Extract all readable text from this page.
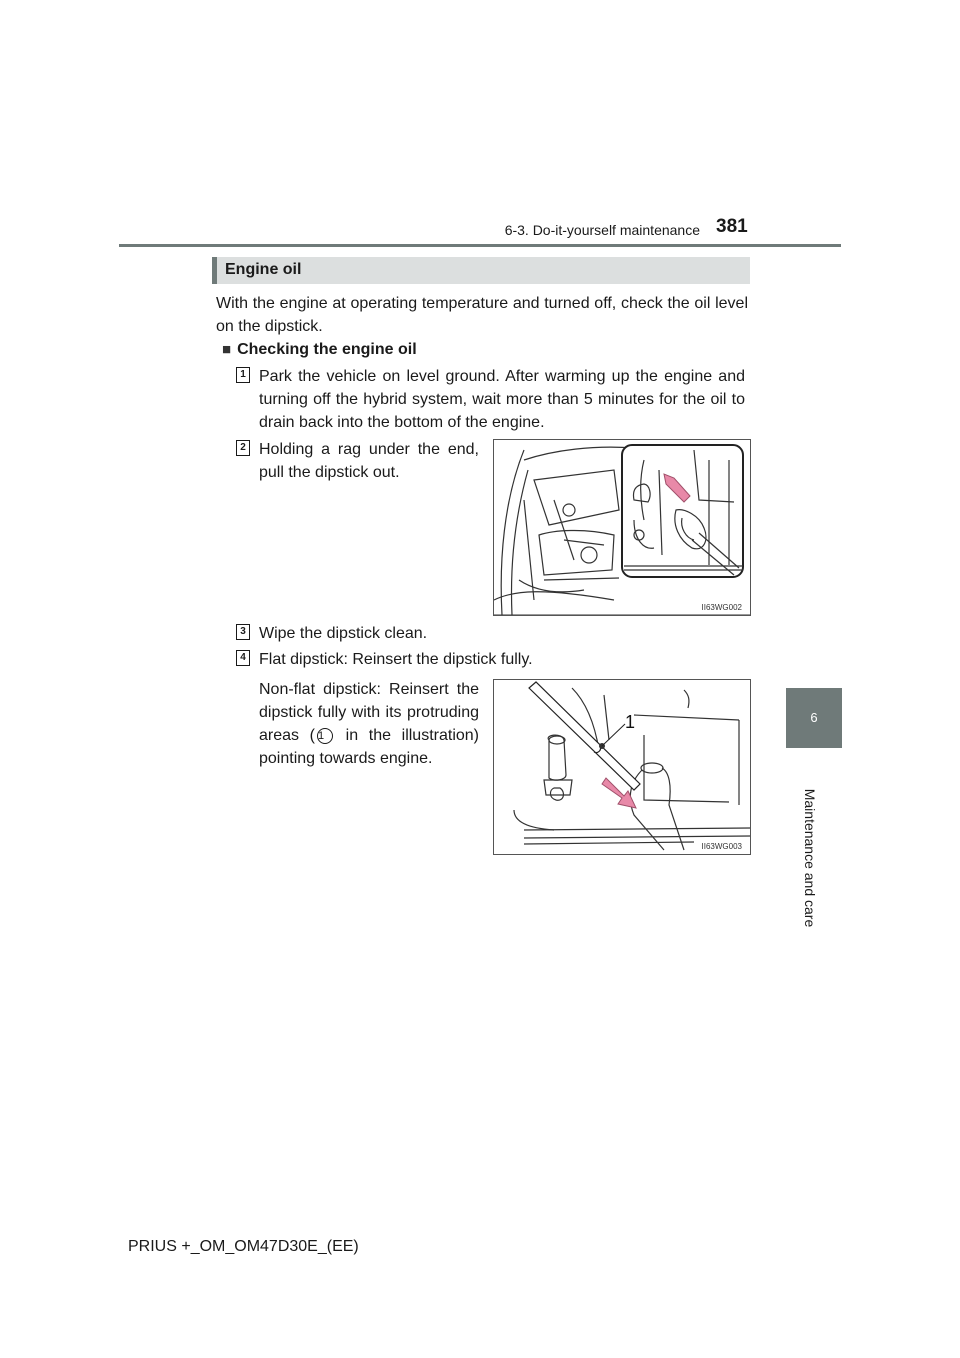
6-3. Do-it-yourself maintenance 381
6
Maintenance and care
Engine oil
With the engine at operating temperature and turned off, check the oil level on the dipstick.
■ Checking the engine oil
1 Park the vehicle on level ground. After warming up the engine and turning off the hybrid system, wait more than 5 minutes for the oil to drain back into the bottom of the engine.
2 Holding a rag under the end, pull the dipstick out.
II63WG002
3 Wipe the dipstick clean.
4 Flat dipstick: Reinsert the dipstick fully.
Non-flat dipstick: Reinsert the dipstick fully with its protruding areas ( 1 in the illustration) pointing towards engine.
1
II63WG003
PRIUS +_OM_OM47D30E_(EE)
